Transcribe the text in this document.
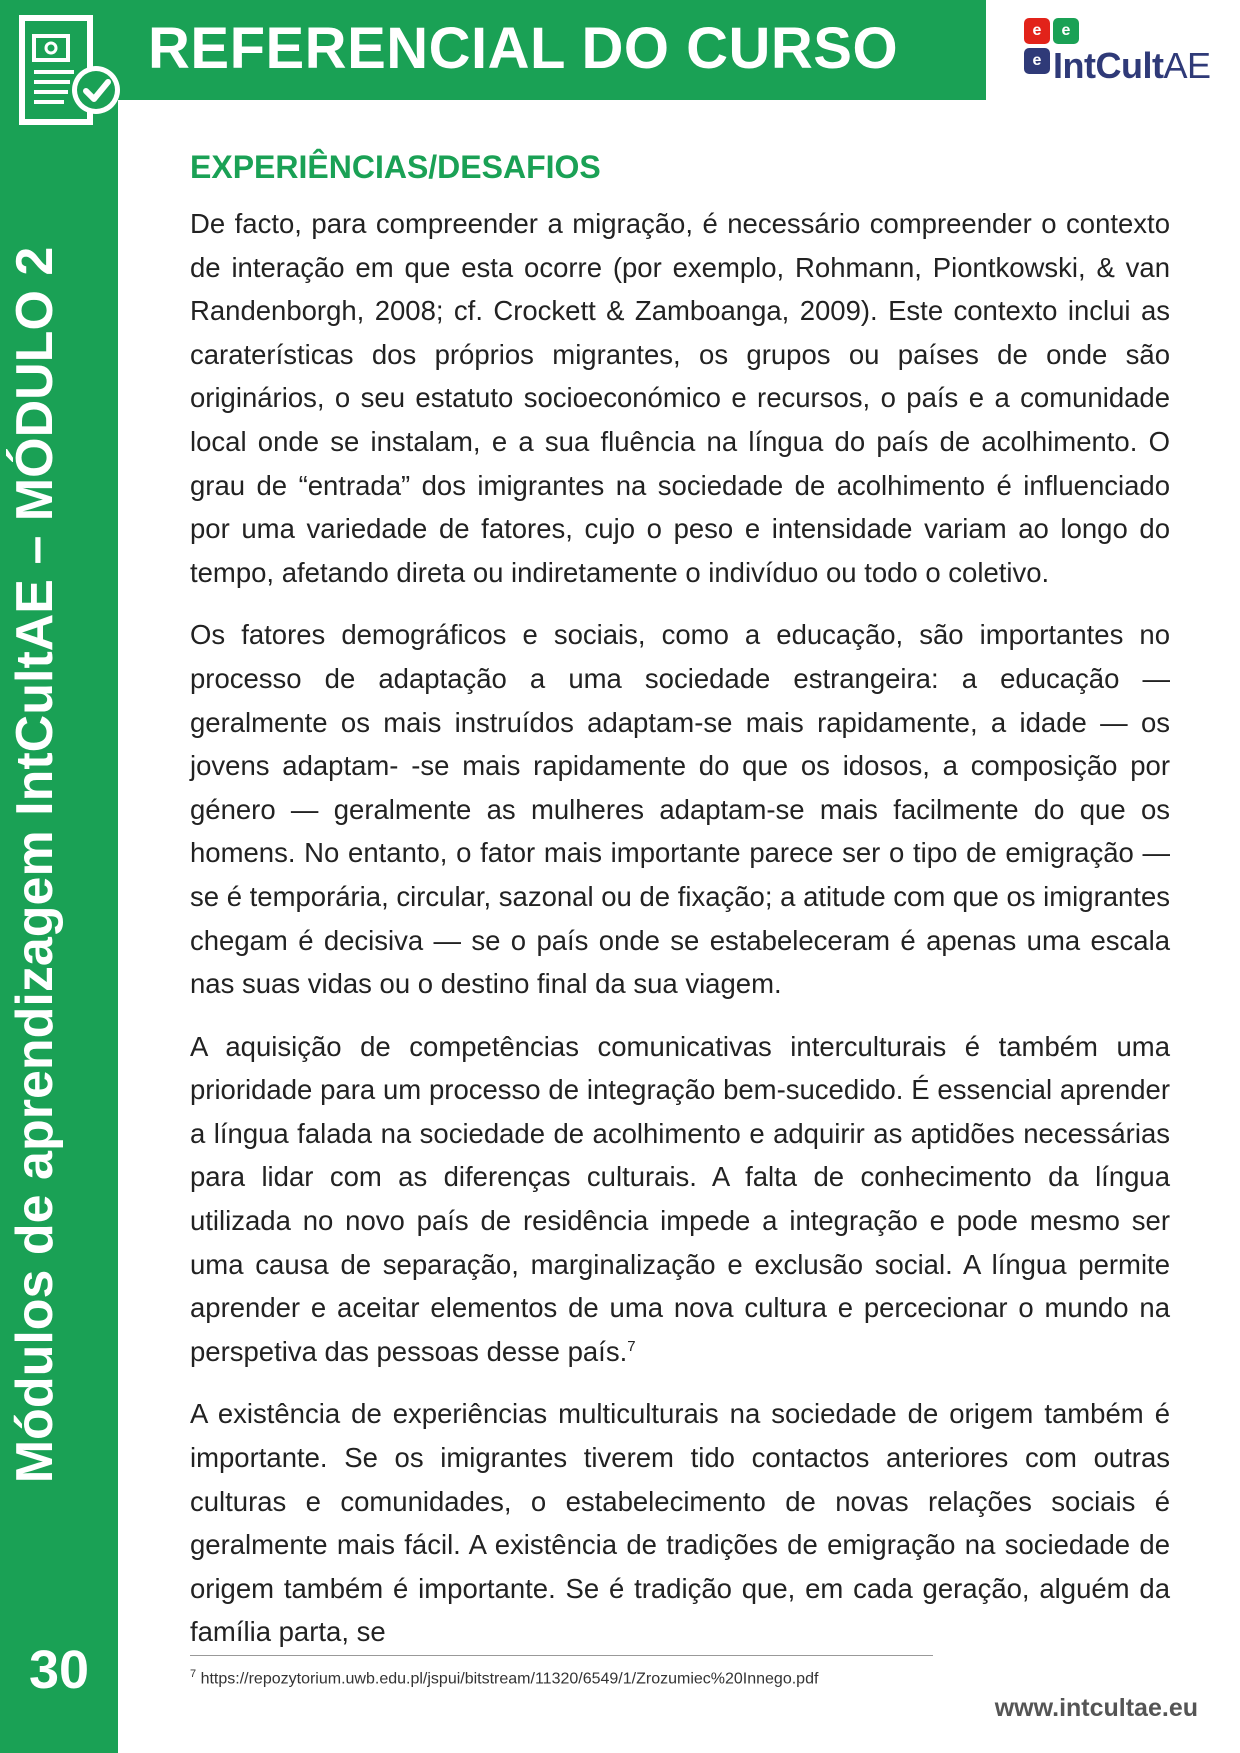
REFERENCIAL DO CURSO
Módulos de aprendizagem IntCultAE – MÓDULO 2
30
e e
e IntCultAE
EXPERIÊNCIAS/DESAFIOS

De facto, para compreender a migração, é necessário compreender o contexto de interação em que esta ocorre (por exemplo, Rohmann, Piontkowski, & van Randenborgh, 2008; cf. Crockett & Zamboanga, 2009). Este contexto inclui as caraterísticas dos próprios migrantes, os grupos ou países de onde são originários, o seu estatuto socioeconómico e recursos, o país e a comunidade local onde se instalam, e a sua fluência na língua do país de acolhimento. O grau de “entrada” dos imigrantes na sociedade de acolhimento é influenciado por uma variedade de fatores, cujo o peso e intensidade variam ao longo do tempo, afetando direta ou indiretamente o indivíduo ou todo o coletivo.

Os fatores demográficos e sociais, como a educação, são importantes no processo de adaptação a uma sociedade estrangeira: a educação — geralmente os mais instruídos adaptam-se mais rapidamente, a idade — os jovens adaptam- -se mais rapidamente do que os idosos, a composição por género — geralmente as mulheres adaptam-se mais facilmente do que os homens. No entanto, o fator mais importante parece ser o tipo de emigração — se é temporária, circular, sazonal ou de fixação; a atitude com que os imigrantes chegam é decisiva — se o país onde se estabeleceram é apenas uma escala nas suas vidas ou o destino final da sua viagem.

A aquisição de competências comunicativas interculturais é também uma prioridade para um processo de integração bem-sucedido. É essencial aprender a língua falada na sociedade de acolhimento e adquirir as aptidões necessárias para lidar com as diferenças culturais. A falta de conhecimento da língua utilizada no novo país de residência impede a integração e pode mesmo ser uma causa de separação, marginalização e exclusão social. A língua permite aprender e aceitar elementos de uma nova cultura e percecionar o mundo na perspetiva das pessoas desse país.$^7$

A existência de experiências multiculturais na sociedade de origem também é importante. Se os imigrantes tiverem tido contactos anteriores com outras culturas e comunidades, o estabelecimento de novas relações sociais é geralmente mais fácil. A existência de tradições de emigração na sociedade de origem também é importante. Se é tradição que, em cada geração, alguém da família parta, se

$^7$ https://repozytorium.uwb.edu.pl/jspui/bitstream/11320/6549/1/Zrozumiec%20Innego.pdf
www.intcultae.eu
